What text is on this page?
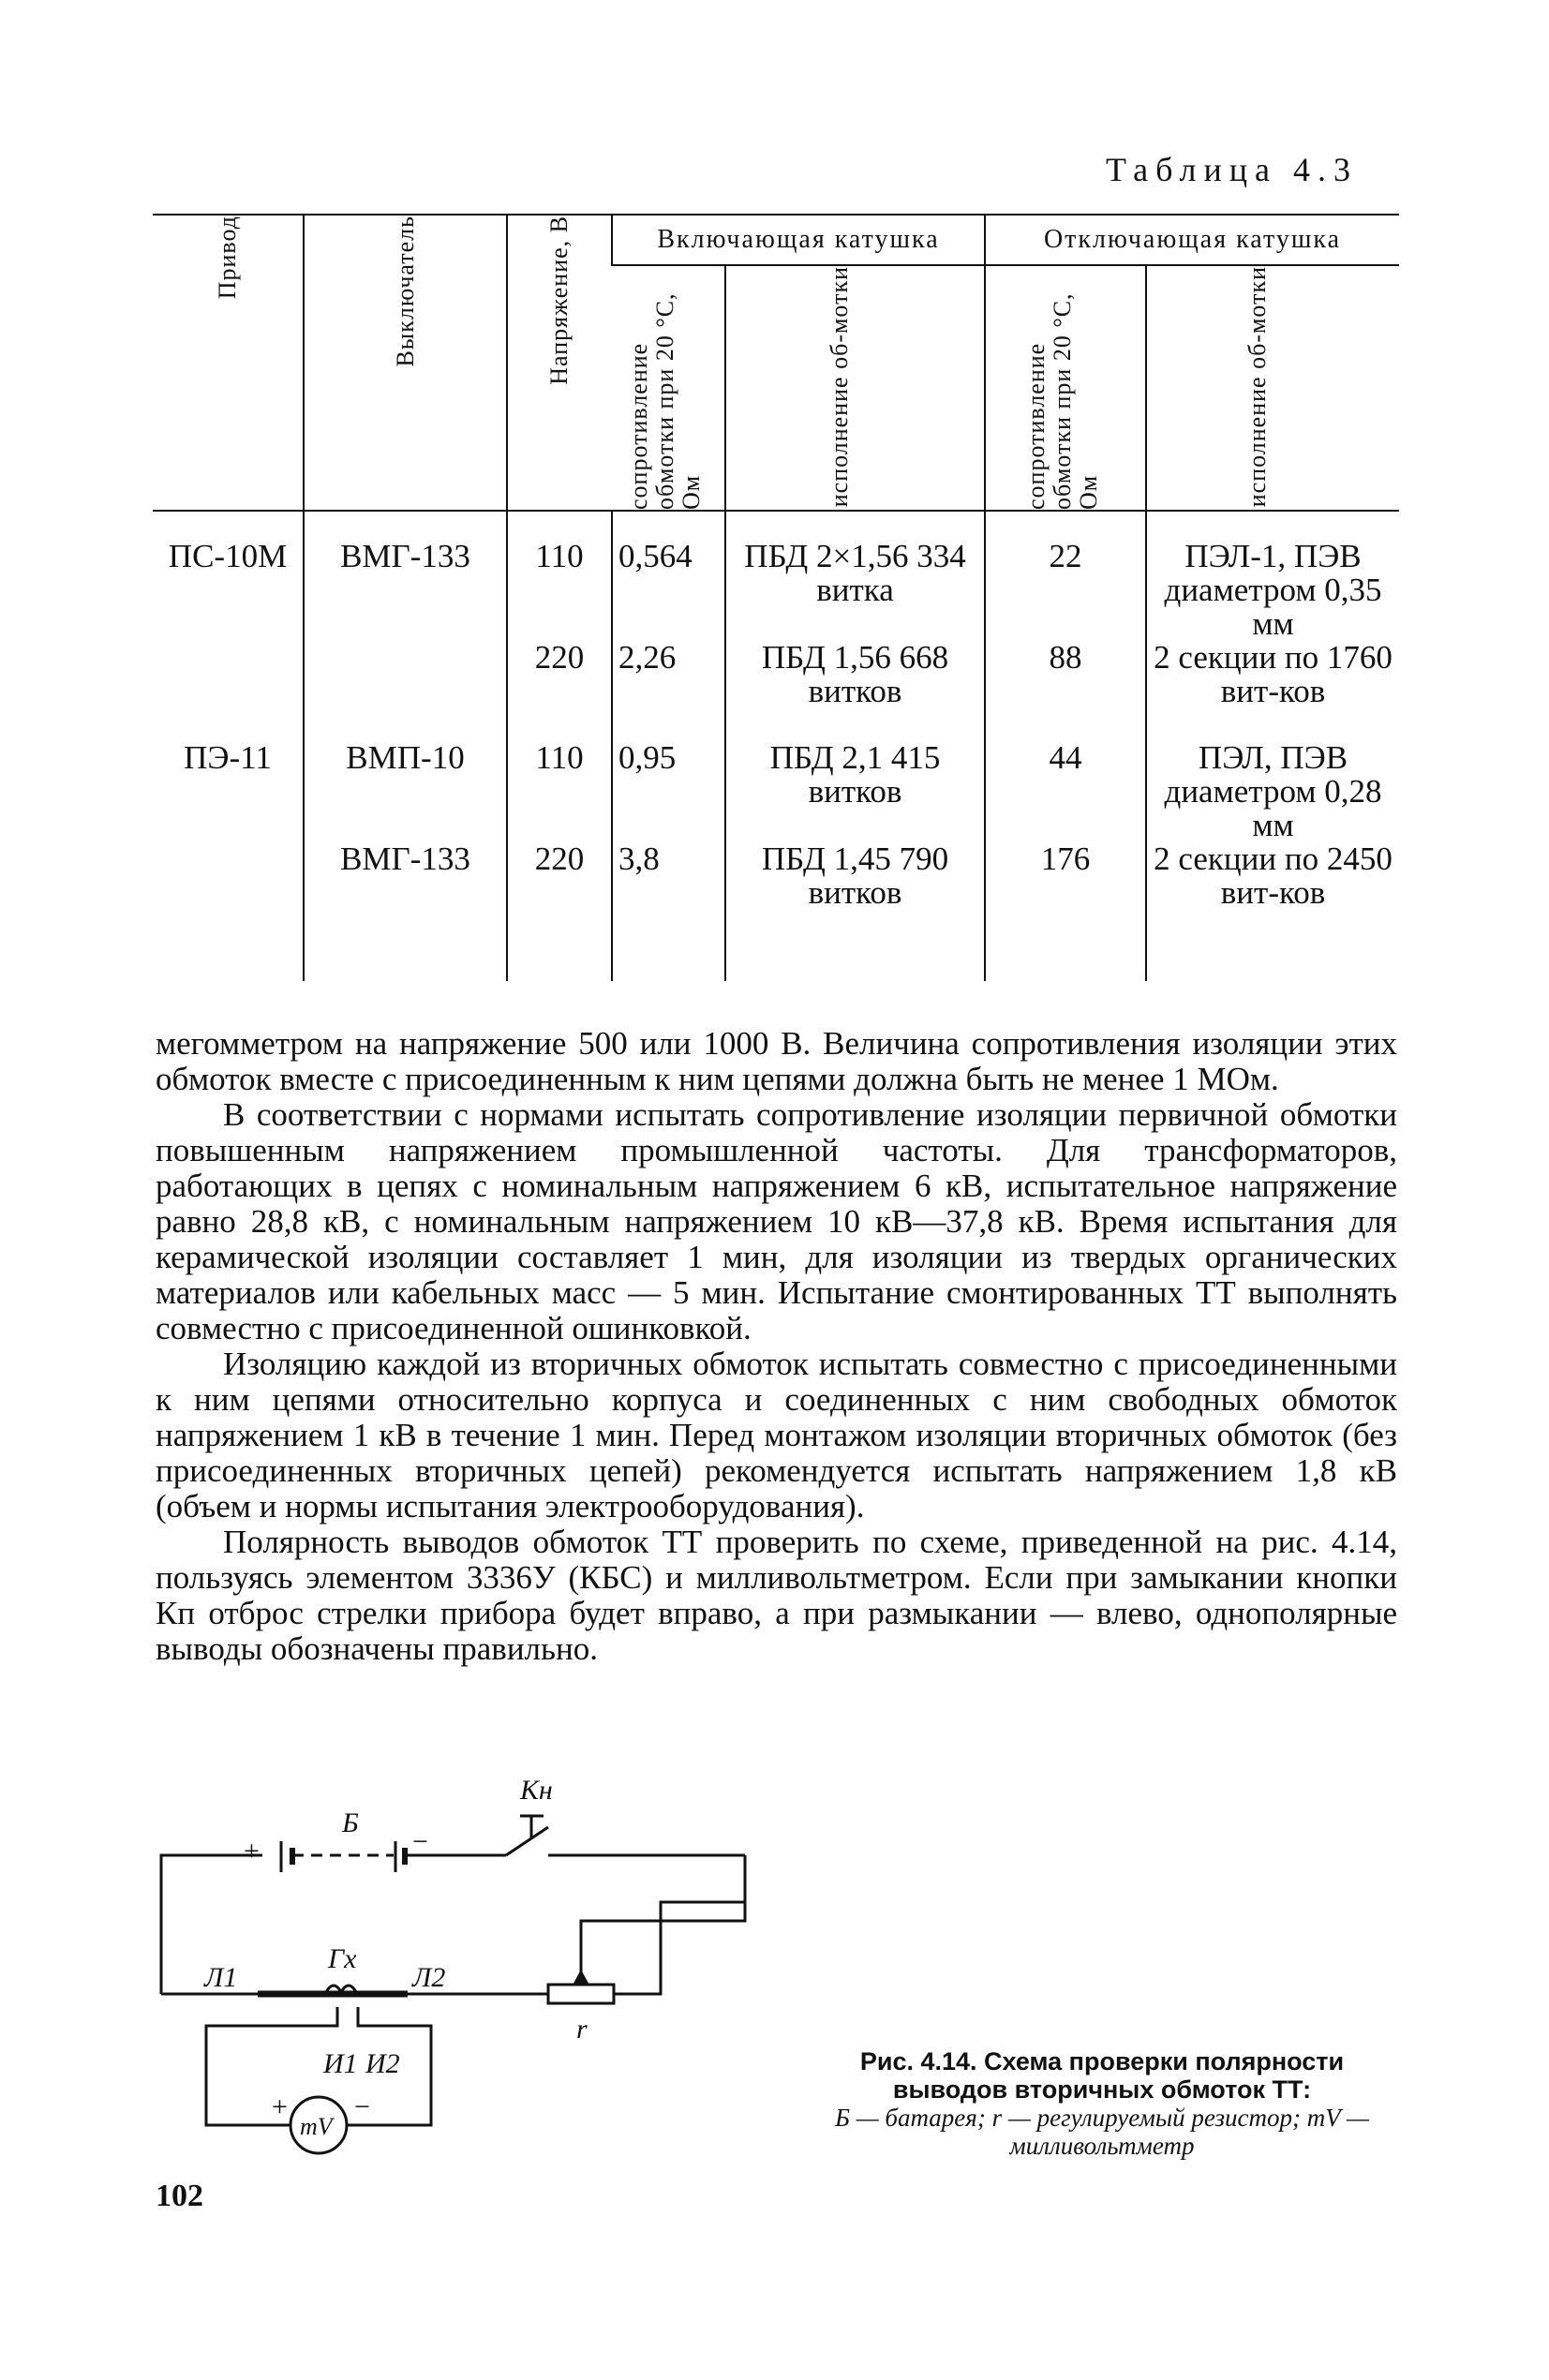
Таблица 4.3
Привод	Выключатель	Напряжение, В	Включающая катушка		Отключающая катушка	

			сопротивление обмотки при 20 °С, Ом	исполнение об-мотки	сопротивление обмотки при 20 °С, Ом	исполнение об-мотки

ПС-10М	ВМГ-133	110	0,564	ПБД 2×1,56 334 витка	22	ПЭЛ-1, ПЭВ диаметром 0,35 мм
		220	2,26	ПБД 1,56 668 витков	88	2 секции по 1760 вит-ков
ПЭ-11	ВМП-10	110	0,95	ПБД 2,1 415 витков	44	ПЭЛ, ПЭВ диаметром 0,28 мм
	ВМГ-133	220	3,8	ПБД 1,45 790 витков	176	2 секции по 2450 вит-ков

мегомметром на напряжение 500 или 1000 В. Величина сопротивления изоляции этих обмоток вместе с присоединенным к ним цепями должна быть не менее 1 МОм.

В соответствии с нормами испытать сопротивление изоляции первичной обмотки повышенным напряжением промышленной частоты. Для трансформаторов, работающих в цепях с номинальным напряжением 6 кВ, испытательное напряжение равно 28,8 кВ, с номинальным напряжением 10 кВ—37,8 кВ. Время испытания для керамической изоляции составляет 1 мин, для изоляции из твердых органических материалов или кабельных масс — 5 мин. Испытание смонтированных ТТ выполнять совместно с присоединенной ошинковкой.

Изоляцию каждой из вторичных обмоток испытать совместно с присоединенными к ним цепями относительно корпуса и соединенных с ним свободных обмоток напряжением 1 кВ в течение 1 мин. Перед монтажом изоляции вторичных обмоток (без присоединенных вторичных цепей) рекомендуется испытать напряжением 1,8 кВ (объем и нормы испытания электрооборудования).

Полярность выводов обмоток ТТ проверить по схеме, приведенной на рис. 4.14, пользуясь элементом 3336У (КБС) и милливольтметром. Если при замыкании кнопки Кп отброс стрелки прибора будет вправо, а при размыкании — влево, однополярные выводы обозначены правильно.

Кн
Б
+	−
Л1
Гх
Л2
r
И1 И2
+ −
mV
Рис. 4.14. Схема проверки полярности выводов вторичных обмоток ТТ:
Б — батарея; r — регулируемый резистор; mV — милливольтметр
102
